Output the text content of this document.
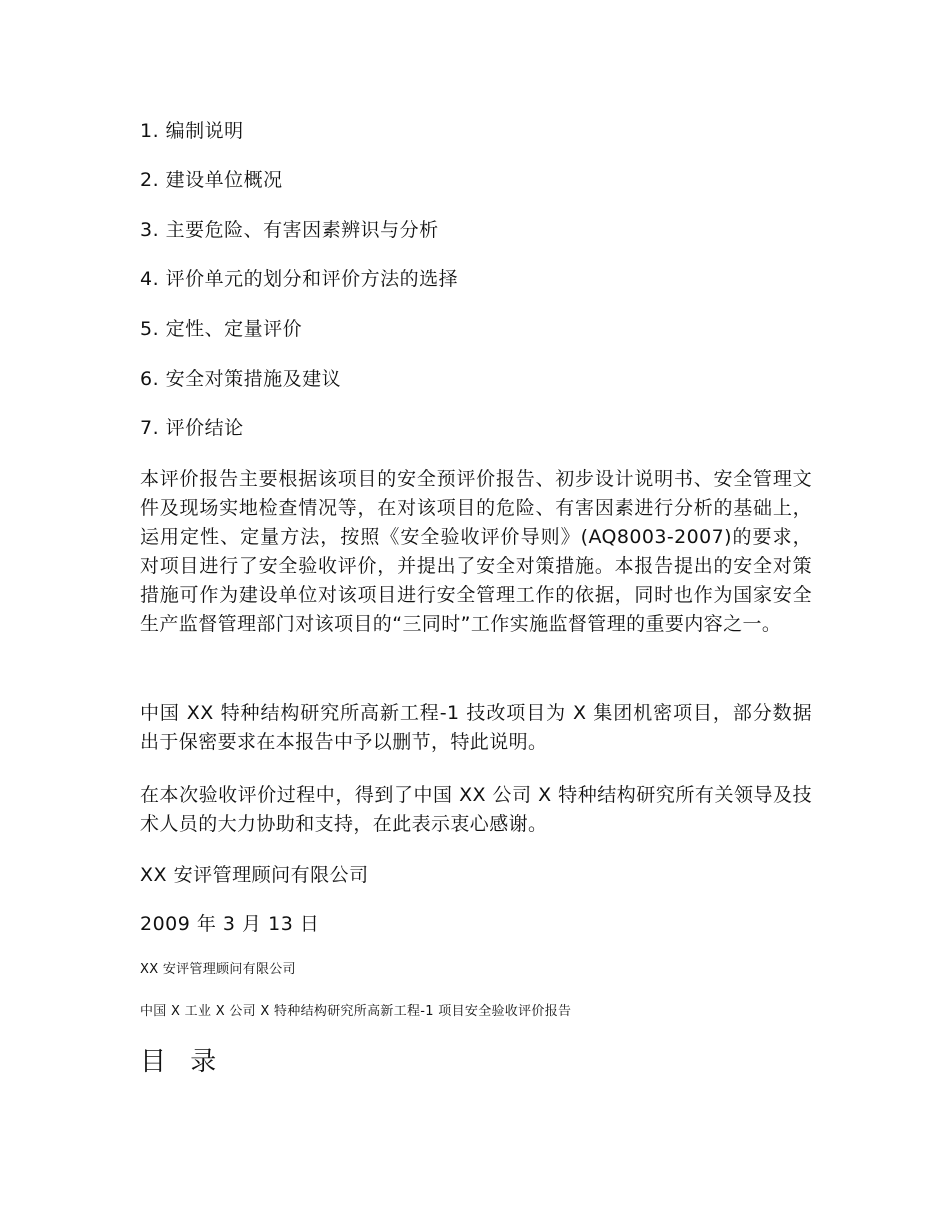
1. 编制说明
2. 建设单位概况
3. 主要危险、有害因素辨识与分析
4. 评价单元的划分和评价方法的选择
5. 定性、定量评价
6. 安全对策措施及建议
7. 评价结论

本评价报告主要根据该项目的安全预评价报告、初步设计说明书、安全管理文件及现场实地检查情况等，在对该项目的危险、有害因素进行分析的基础上，运用定性、定量方法，按照《安全验收评价导则》(AQ8003-2007)的要求，对项目进行了安全验收评价，并提出了安全对策措施。本报告提出的安全对策措施可作为建设单位对该项目进行安全管理工作的依据，同时也作为国家安全生产监督管理部门对该项目的“三同时”工作实施监督管理的重要内容之一。

中国 XX 特种结构研究所高新工程-1 技改项目为 X 集团机密项目，部分数据出于保密要求在本报告中予以删节，特此说明。

在本次验收评价过程中，得到了中国 XX 公司 X 特种结构研究所有关领导及技术人员的大力协助和支持，在此表示衷心感谢。

XX 安评管理顾问有限公司
2009 年 3 月 13 日
XX 安评管理顾问有限公司
中国 X 工业 X 公司 X 特种结构研究所高新工程-1 项目安全验收评价报告
目 录
